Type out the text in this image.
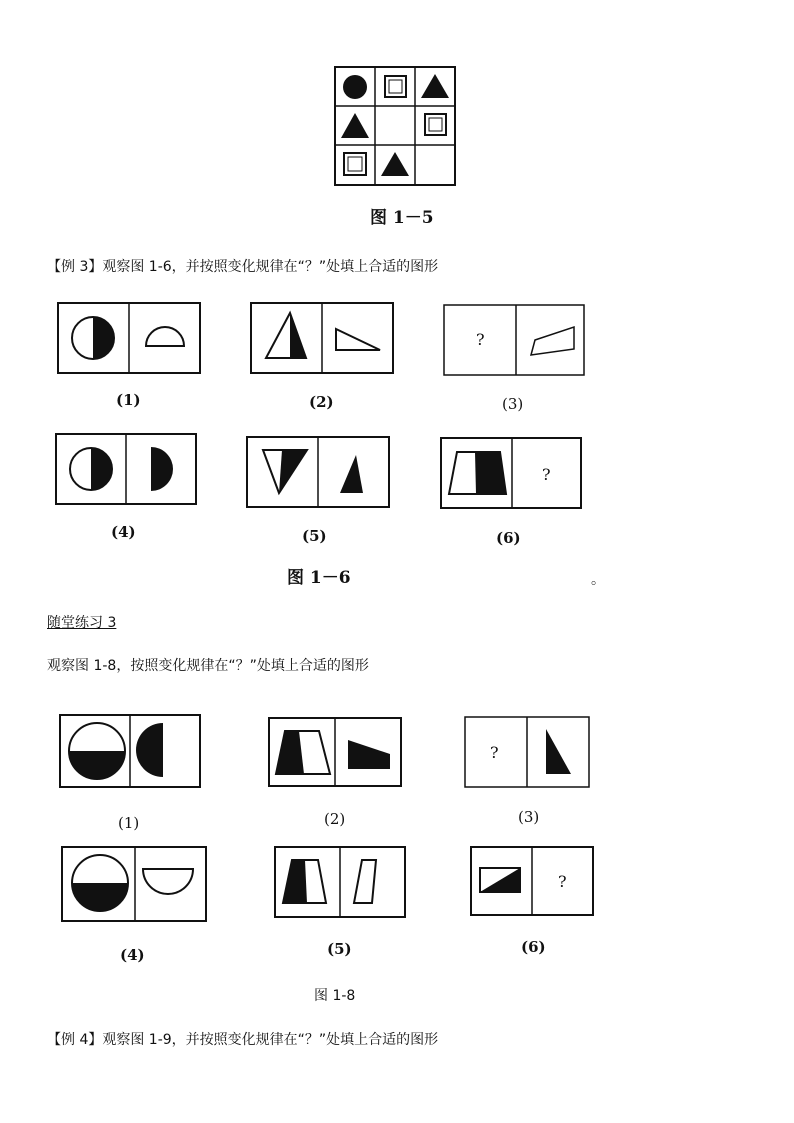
图 1－5
【例 3】观察图 1-6，并按照变化规律在“？”处填上合适的图形
(1)	(2)
?
(3)
(4)	(5)
?
(6)
图 1－6	。
随堂练习 3
观察图 1-8，按照变化规律在“？”处填上合适的图形
(1)	(2)
?
(3)
(4)	(5)
?
(6)
图 1-8
【例 4】观察图 1-9，并按照变化规律在“？”处填上合适的图形
